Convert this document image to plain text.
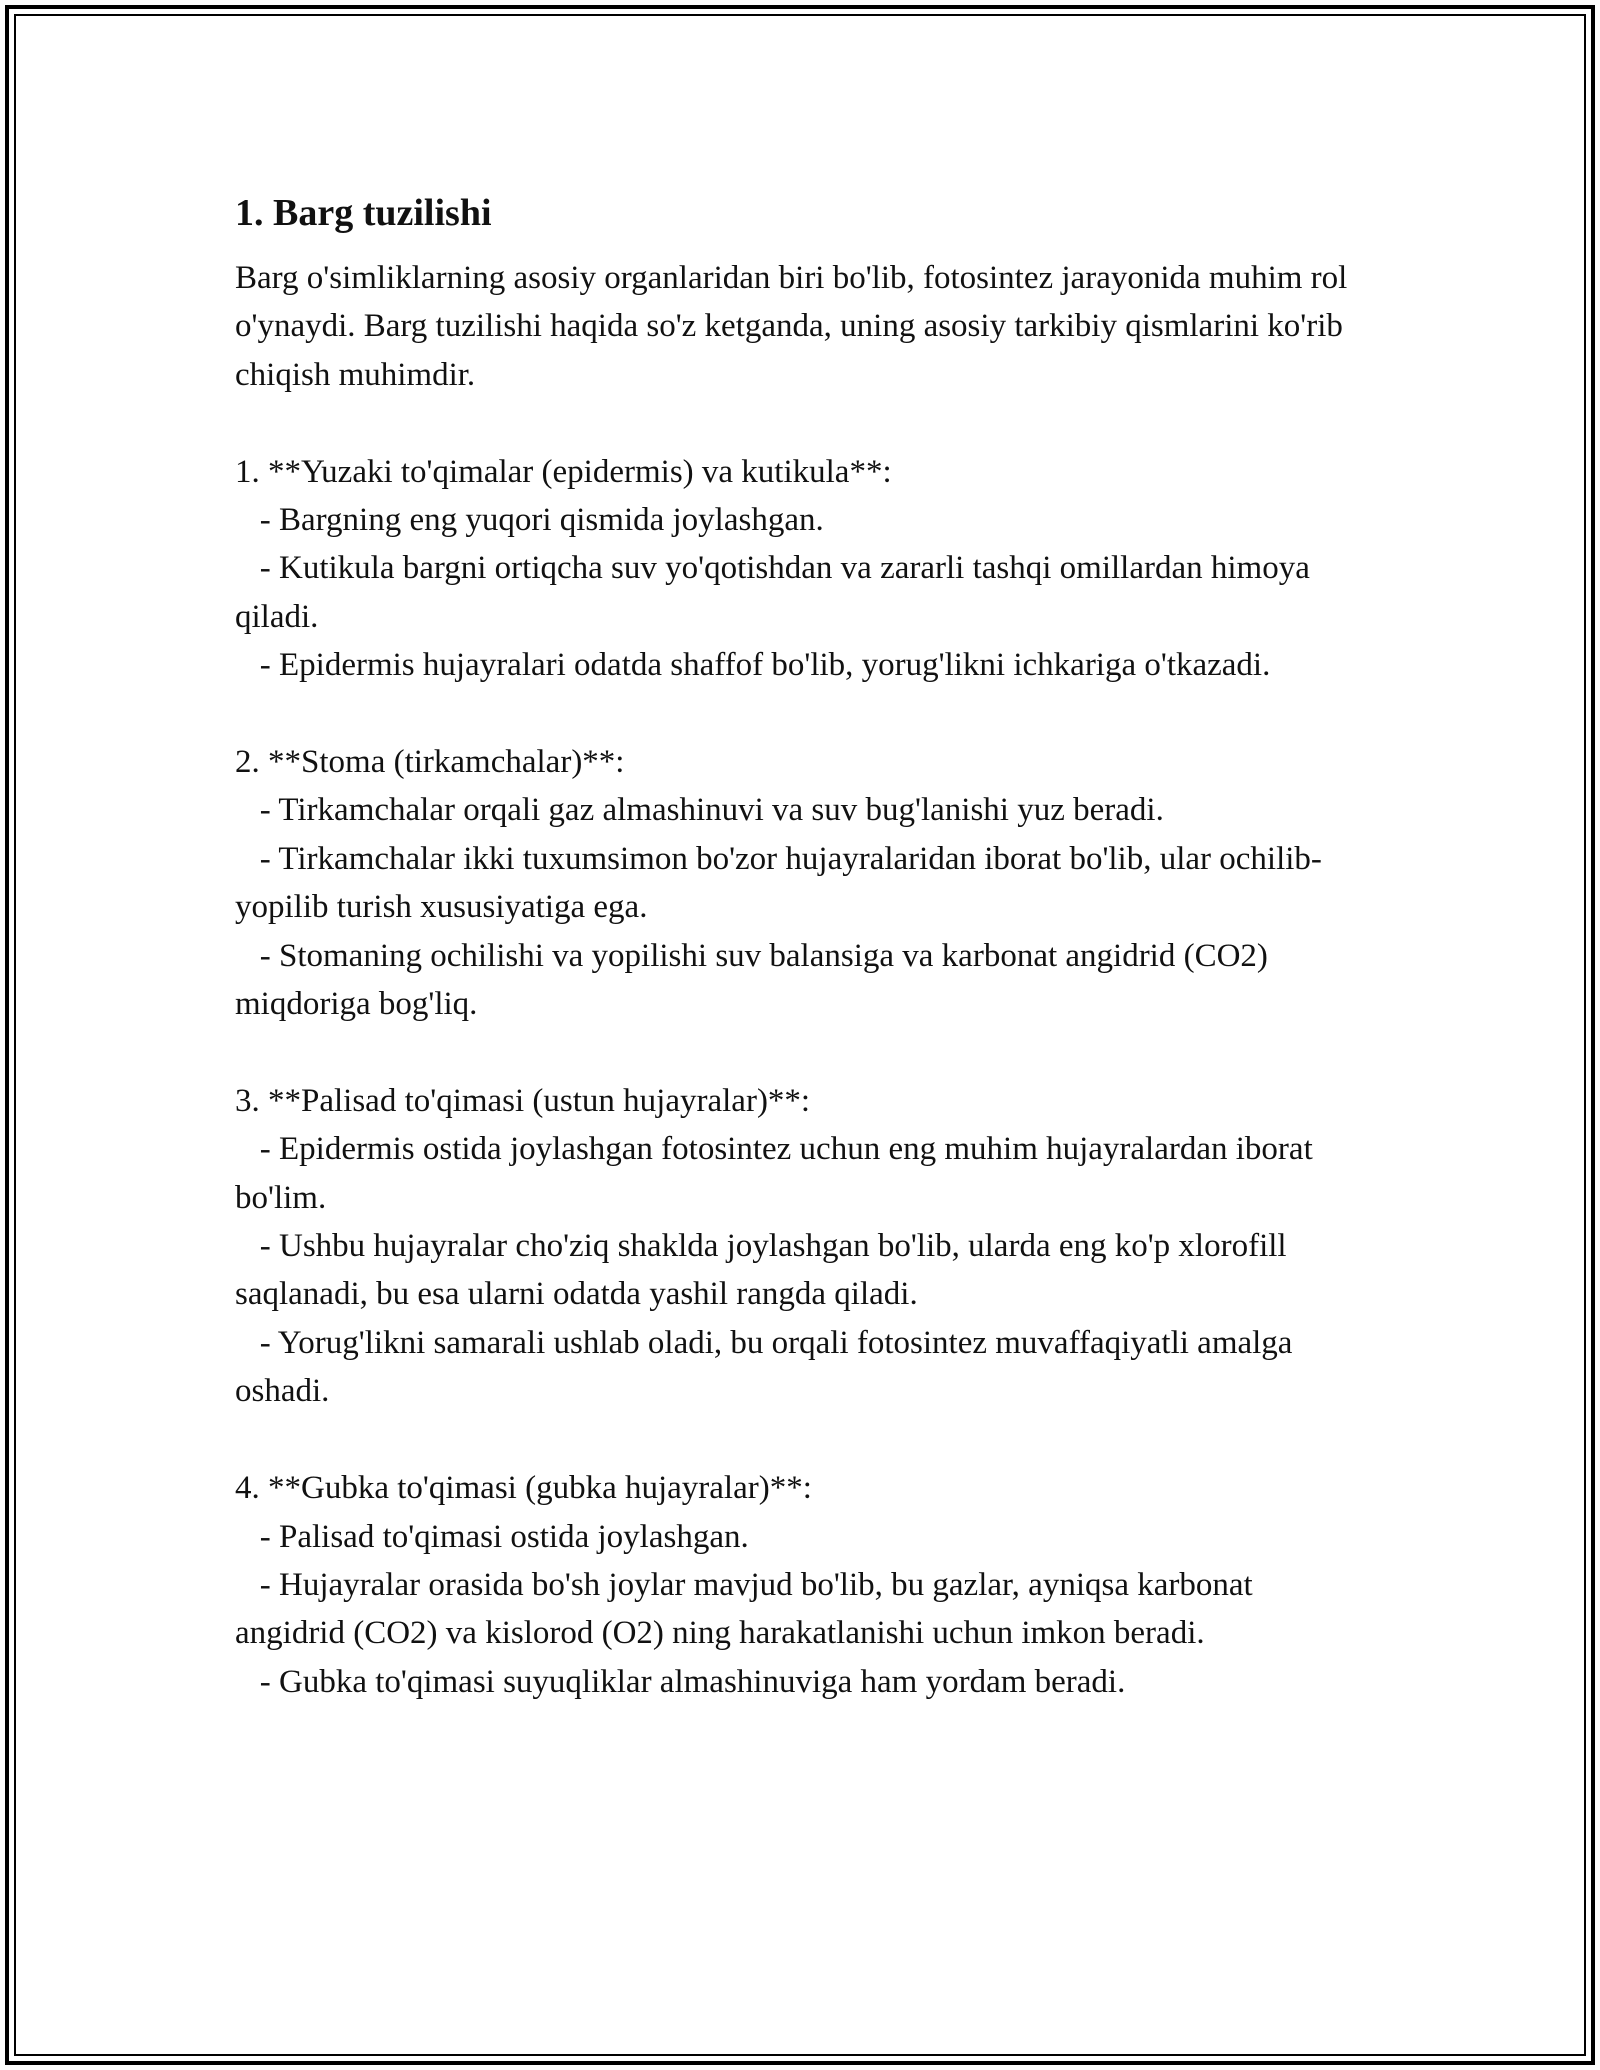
1. Barg tuzilishi

Barg o'simliklarning asosiy organlaridan biri bo'lib, fotosintez jarayonida muhim rol o'ynaydi. Barg tuzilishi haqida so'z ketganda, uning asosiy tarkibiy qismlarini ko'rib chiqish muhimdir.

1. **Yuzaki to'qimalar (epidermis) va kutikula**:

- Bargning eng yuqori qismida joylashgan.

- Kutikula bargni ortiqcha suv yo'qotishdan va zararli tashqi omillardan himoya qiladi.

- Epidermis hujayralari odatda shaffof bo'lib, yorug'likni ichkariga o'tkazadi.

2. **Stoma (tirkamchalar)**:

- Tirkamchalar orqali gaz almashinuvi va suv bug'lanishi yuz beradi.

- Tirkamchalar ikki tuxumsimon bo'zor hujayralaridan iborat bo'lib, ular ochilib-yopilib turish xususiyatiga ega.

- Stomaning ochilishi va yopilishi suv balansiga va karbonat angidrid (CO2) miqdoriga bog'liq.

3. **Palisad to'qimasi (ustun hujayralar)**:

- Epidermis ostida joylashgan fotosintez uchun eng muhim hujayralardan iborat bo'lim.

- Ushbu hujayralar cho'ziq shaklda joylashgan bo'lib, ularda eng ko'p xlorofill saqlanadi, bu esa ularni odatda yashil rangda qiladi.

- Yorug'likni samarali ushlab oladi, bu orqali fotosintez muvaffaqiyatli amalga oshadi.

4. **Gubka to'qimasi (gubka hujayralar)**:

- Palisad to'qimasi ostida joylashgan.

- Hujayralar orasida bo'sh joylar mavjud bo'lib, bu gazlar, ayniqsa karbonat angidrid (CO2) va kislorod (O2) ning harakatlanishi uchun imkon beradi.

- Gubka to'qimasi suyuqliklar almashinuviga ham yordam beradi.
